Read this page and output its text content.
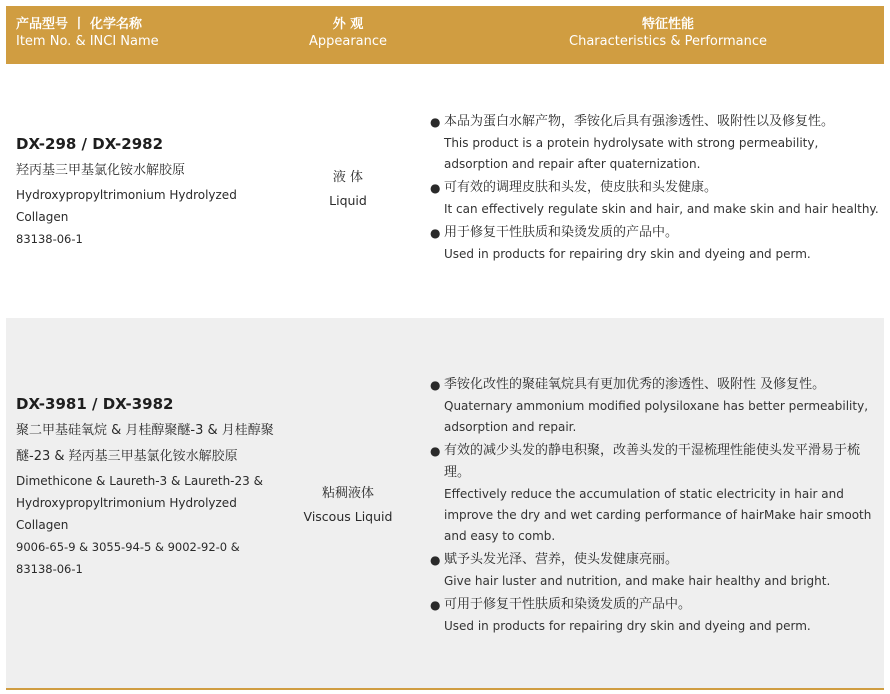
产品型号 丨 化学名称
Item No. & INCI Name
外 观
Appearance
特征性能
Characteristics & Performance
DX-298 / DX-2982
羟丙基三甲基氯化铵水解胶原
Hydroxypropyltrimonium Hydrolyzed Collagen
83138-06-1
液 体
Liquid
● 本品为蛋白水解产物，季铵化后具有强渗透性、吸附性以及修复性。
This product is a protein hydrolysate with strong permeability, adsorption and repair after quaternization.
● 可有效的调理皮肤和头发，使皮肤和头发健康。
It can effectively regulate skin and hair, and make skin and hair healthy.
● 用于修复干性肤质和染烫发质的产品中。
Used in products for repairing dry skin and dyeing and perm.
DX-3981 / DX-3982
聚二甲基硅氧烷 & 月桂醇聚醚-3 & 月桂醇聚醚-23 & 羟丙基三甲基氯化铵水解胶原
Dimethicone & Laureth-3 & Laureth-23 & Hydroxypropyltrimonium Hydrolyzed Collagen
9006-65-9 & 3055-94-5 & 9002-92-0 & 83138-06-1
粘稠液体
Viscous Liquid
● 季铵化改性的聚硅氧烷具有更加优秀的渗透性、吸附性 及修复性。
Quaternary ammonium modified polysiloxane has better permeability, adsorption and repair.
● 有效的减少头发的静电积聚，改善头发的干湿梳理性能使头发平滑易于梳理。
Effectively reduce the accumulation of static electricity in hair and improve the dry and wet carding performance of hairMake hair smooth and easy to comb.
● 赋予头发光泽、营养，使头发健康亮丽。
Give hair luster and nutrition, and make hair healthy and bright.
● 可用于修复干性肤质和染烫发质的产品中。
Used in products for repairing dry skin and dyeing and perm.
